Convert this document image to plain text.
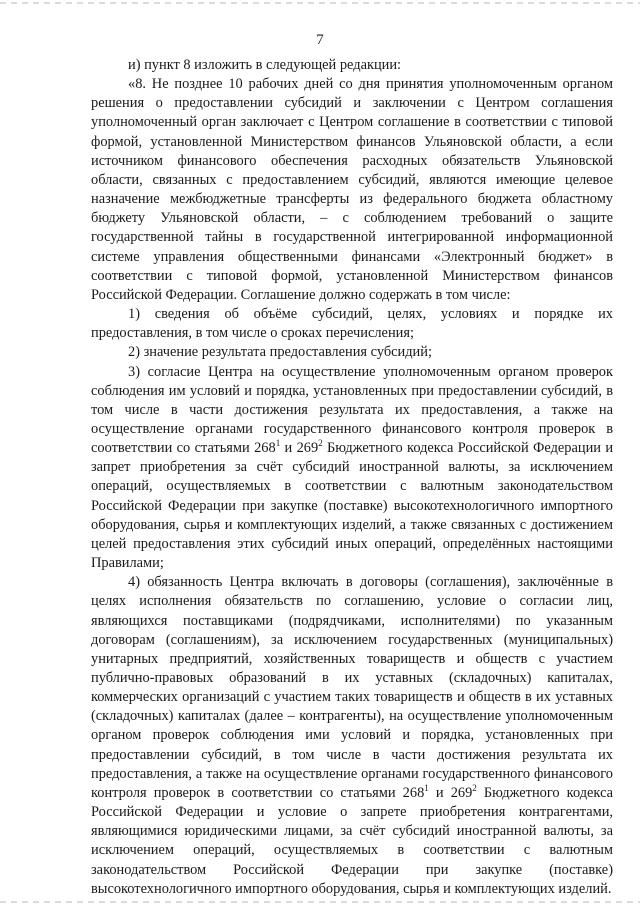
7

и) пункт 8 изложить в следующей редакции:

«8. Не позднее 10 рабочих дней со дня принятия уполномоченным органом решения о предоставлении субсидий и заключении с Центром соглашения уполномоченный орган заключает с Центром соглашение в соответствии с типовой формой, установленной Министерством финансов Ульяновской области, а если источником финансового обеспечения расходных обязательств Ульяновской области, связанных с предоставлением субсидий, являются имеющие целевое назначение межбюджетные трансферты из федерального бюджета областному бюджету Ульяновской области, – с соблюдением требований о защите государственной тайны в государственной интегрированной информационной системе управления общественными финансами «Электронный бюджет» в соответствии с типовой формой, установленной Министерством финансов Российской Федерации. Соглашение должно содержать в том числе:

1) сведения об объёме субсидий, целях, условиях и порядке их предоставления, в том числе о сроках перечисления;

2) значение результата предоставления субсидий;

3) согласие Центра на осуществление уполномоченным органом проверок соблюдения им условий и порядка, установленных при предоставлении субсидий, в том числе в части достижения результата их предоставления, а также на осуществление органами государственного финансового контроля проверок в соответствии со статьями $268^1$ и $269^2$ Бюджетного кодекса Российской Федерации и запрет приобретения за счёт субсидий иностранной валюты, за исключением операций, осуществляемых в соответствии с валютным законодательством Российской Федерации при закупке (поставке) высокотехнологичного импортного оборудования, сырья и комплектующих изделий, а также связанных с достижением целей предоставления этих субсидий иных операций, определённых настоящими Правилами;

4) обязанность Центра включать в договоры (соглашения), заключённые в целях исполнения обязательств по соглашению, условие о согласии лиц, являющихся поставщиками (подрядчиками, исполнителями) по указанным договорам (соглашениям), за исключением государственных (муниципальных) унитарных предприятий, хозяйственных товариществ и обществ с участием публично-правовых образований в их уставных (складочных) капиталах, коммерческих организаций с участием таких товариществ и обществ в их уставных (складочных) капиталах (далее – контрагенты), на осуществление уполномоченным органом проверок соблюдения ими условий и порядка, установленных при предоставлении субсидий, в том числе в части достижения результата их предоставления, а также на осуществление органами государственного финансового контроля проверок в соответствии со статьями $268^1$ и $269^2$ Бюджетного кодекса Российской Федерации и условие о запрете приобретения контрагентами, являющимися юридическими лицами, за счёт субсидий иностранной валюты, за исключением операций, осуществляемых в соответствии с валютным законодательством Российской Федерации при закупке (поставке) высокотехнологичного импортного оборудования, сырья и комплектующих изделий.
